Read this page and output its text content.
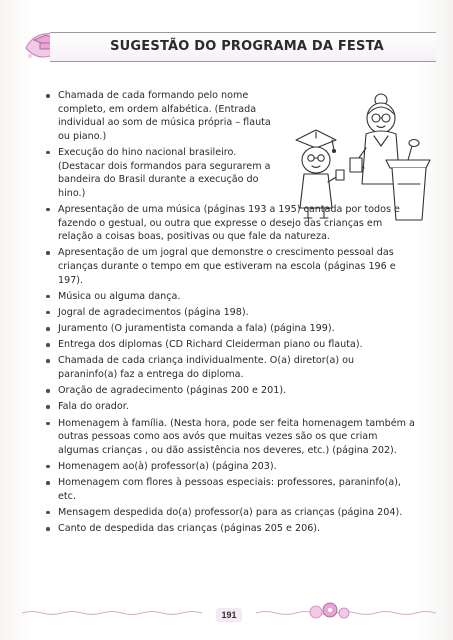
SUGESTÃO DO PROGRAMA DA FESTA
Chamada de cada formando pelo nome completo, em ordem alfabética. (Entrada individual ao som de música própria – flauta ou piano.)
Execução do hino nacional brasileiro. (Destacar dois formandos para segurarem a bandeira do Brasil durante a execução do hino.)
Apresentação de uma música (páginas 193 a 195) cantada por todos e fazendo o gestual, ou outra que expresse o desejo das crianças em relação a coisas boas, positivas ou que fale da natureza.
Apresentação de um jogral que demonstre o crescimento pessoal das crianças durante o tempo em que estiveram na escola (páginas 196 e 197).
Música ou alguma dança.
Jogral de agradecimentos (página 198).
Juramento (O juramentista comanda a fala) (página 199).
Entrega dos diplomas (CD Richard Cleiderman piano ou flauta).
Chamada de cada criança individualmente. O(a) diretor(a) ou paraninfo(a) faz a entrega do diploma.
Oração de agradecimento (páginas 200 e 201).
Fala do orador.
Homenagem à família. (Nesta hora, pode ser feita homenagem também a outras pessoas como aos avós que muitas vezes são os que criam algumas crianças , ou dão assistência nos deveres, etc.) (página 202).
Homenagem ao(à) professor(a) (página 203).
Homenagem com flores à pessoas especiais: professores, paraninfo(a), etc.
Mensagem despedida do(a) professor(a) para as crianças (página 204).
Canto de despedida das crianças (páginas 205 e 206).
191
